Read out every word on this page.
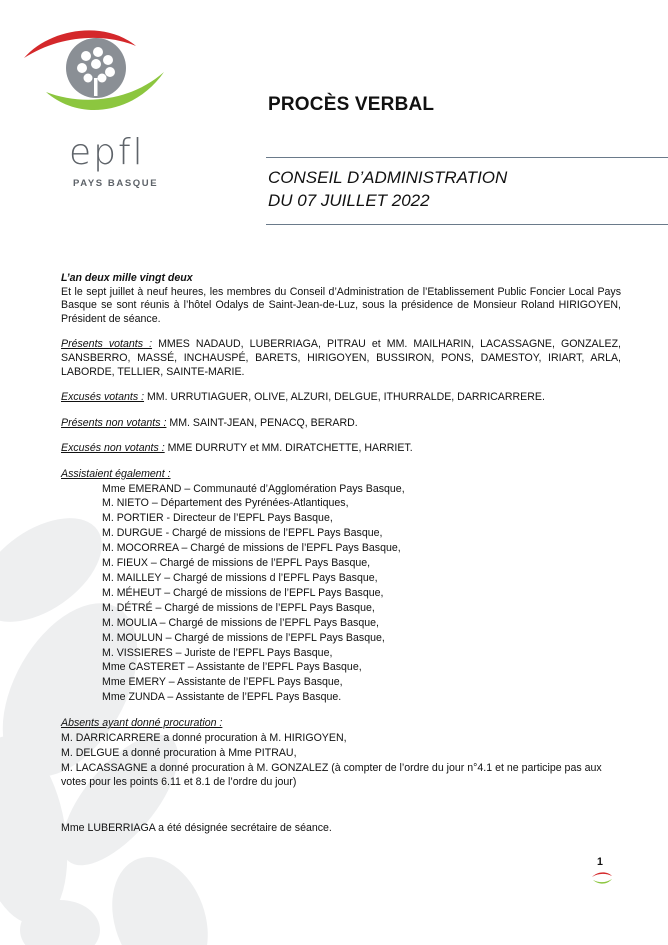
epfl
PAYS BASQUE
PROCÈS VERBAL
CONSEIL D’ADMINISTRATION
DU 07 JUILLET 2022

L’an deux mille vingt deux
Et le sept juillet à neuf heures, les membres du Conseil d’Administration de l’Etablissement Public Foncier Local Pays Basque se sont réunis à l’hôtel Odalys de Saint-Jean-de-Luz, sous la présidence de Monsieur Roland HIRIGOYEN, Président de séance.

Présents votants : MMES NADAUD, LUBERRIAGA, PITRAU et MM. MAILHARIN, LACASSAGNE, GONZALEZ, SANSBERRO, MASSÉ, INCHAUSPÉ, BARETS, HIRIGOYEN, BUSSIRON, PONS, DAMESTOY, IRIART, ARLA, LABORDE, TELLIER, SAINTE-MARIE.

Excusés votants : MM. URRUTIAGUER, OLIVE, ALZURI, DELGUE, ITHURRALDE, DARRICARRERE.

Présents non votants : MM. SAINT-JEAN, PENACQ, BERARD.

Excusés non votants : MME DURRUTY et MM. DIRATCHETTE, HARRIET.

Assistaient également :
Mme EMERAND – Communauté d’Agglomération Pays Basque,
M. NIETO – Département des Pyrénées-Atlantiques,
M. PORTIER - Directeur de l’EPFL Pays Basque,
M. DURGUE - Chargé de missions de l’EPFL Pays Basque,
M. MOCORREA – Chargé de missions de l’EPFL Pays Basque,
M. FIEUX – Chargé de missions de l’EPFL Pays Basque,
M. MAILLEY – Chargé de missions d l’EPFL Pays Basque,
M. MÉHEUT – Chargé de missions de l’EPFL Pays Basque,
M. DÉTRÉ – Chargé de missions de l’EPFL Pays Basque,
M. MOULIA – Chargé de missions de l’EPFL Pays Basque,
M. MOULUN – Chargé de missions de l’EPFL Pays Basque,
M. VISSIERES – Juriste de l’EPFL Pays Basque,
Mme CASTERET – Assistante de l’EPFL Pays Basque,
Mme EMERY – Assistante de l’EPFL Pays Basque,
Mme ZUNDA – Assistante de l’EPFL Pays Basque.
Absents ayant donné procuration :
M. DARRICARRERE a donné procuration à M. HIRIGOYEN,
M. DELGUE a donné procuration à Mme PITRAU,
M. LACASSAGNE a donné procuration à M. GONZALEZ (à compter de l’ordre du jour n°4.1 et ne participe pas aux votes pour les points 6.11 et 8.1 de l’ordre du jour)

Mme LUBERRIAGA a été désignée secrétaire de séance.

1
